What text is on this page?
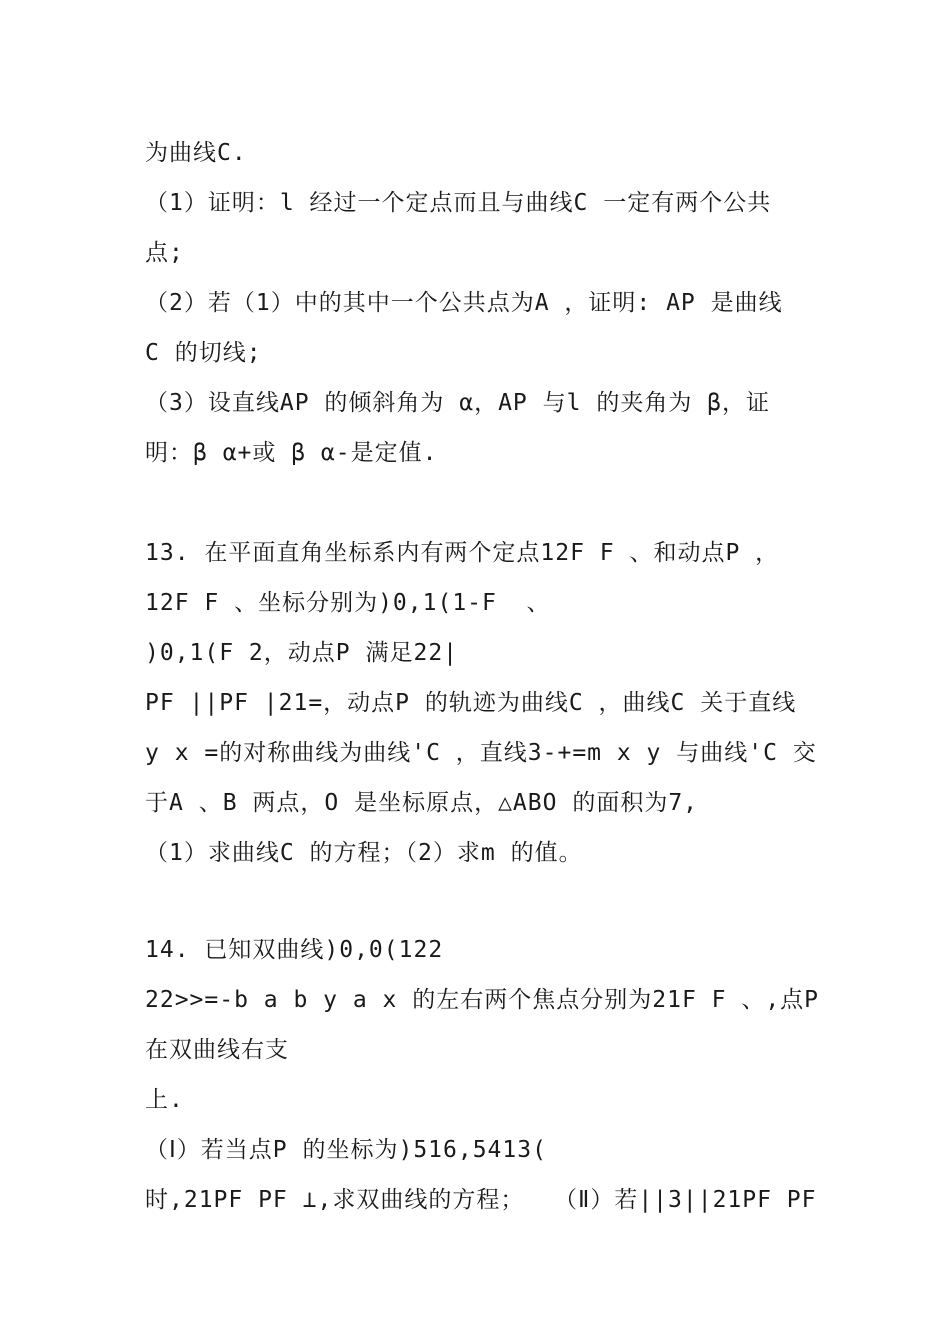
为曲线C.
（1）证明：l 经过一个定点而且与曲线C 一定有两个公共
点;
（2）若（1）中的其中一个公共点为A ，证明: AP 是曲线
C 的切线;
（3）设直线AP 的倾斜角为 α，AP 与l 的夹角为 β，证
明：β α+或 β α-是定值.
13. 在平面直角坐标系内有两个定点12F F 、和动点P ，
12F F 、坐标分别为)0,1(1-F  、
)0,1(F 2，动点P 满足22|
PF ||PF |21=，动点P 的轨迹为曲线C ，曲线C 关于直线
y x =的对称曲线为曲线'C ，直线3-+=m x y 与曲线'C 交
于A 、B 两点，O 是坐标原点，△ABO 的面积为7,
（1）求曲线C 的方程；（2）求m 的值。
14. 已知双曲线)0,0(122
22>>=-b a b y a x 的左右两个焦点分别为21F F 、,点P
在双曲线右支
上.
（Ⅰ）若当点P 的坐标为)516,5413(
时,21PF PF ⊥,求双曲线的方程；  （Ⅱ）若||3||21PF PF
